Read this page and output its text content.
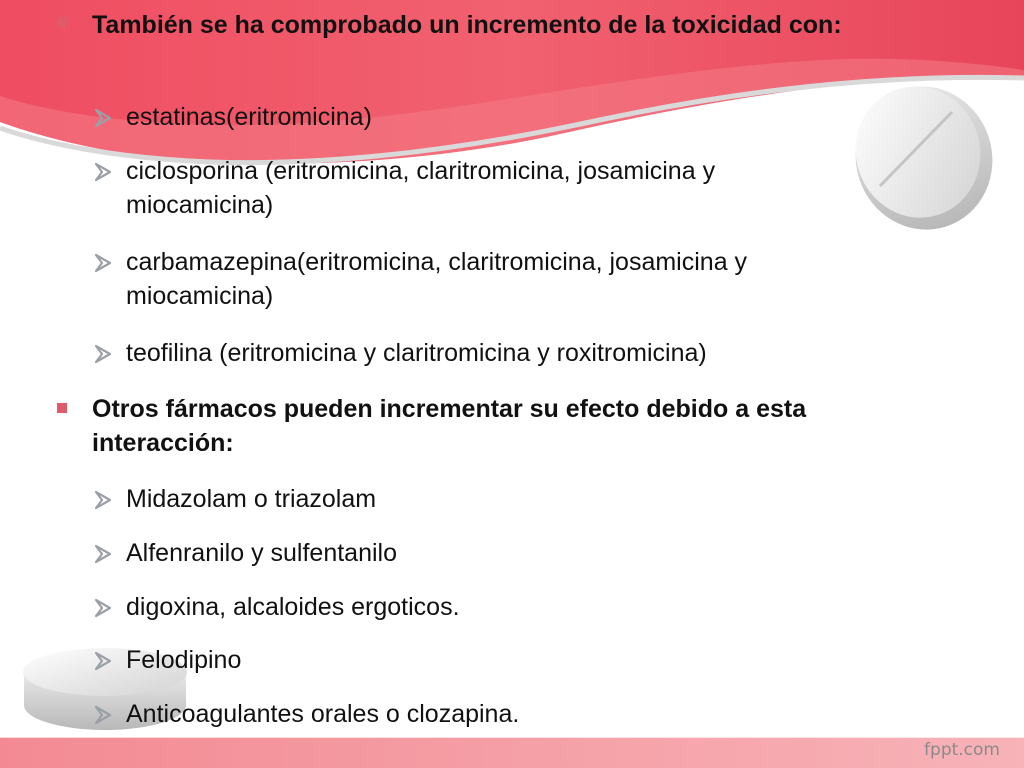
También se ha comprobado un incremento de la toxicidad con:
estatinas(eritromicina)
ciclosporina (eritromicina, claritromicina, josamicina y miocamicina)
carbamazepina(eritromicina, claritromicina, josamicina y miocamicina)
teofilina (eritromicina y claritromicina y roxitromicina)
Otros fármacos pueden incrementar su efecto debido a esta interacción:
Midazolam o triazolam
Alfenranilo y sulfentanilo
digoxina, alcaloides ergoticos.
Felodipino
Anticoagulantes orales o clozapina.
fppt.com
